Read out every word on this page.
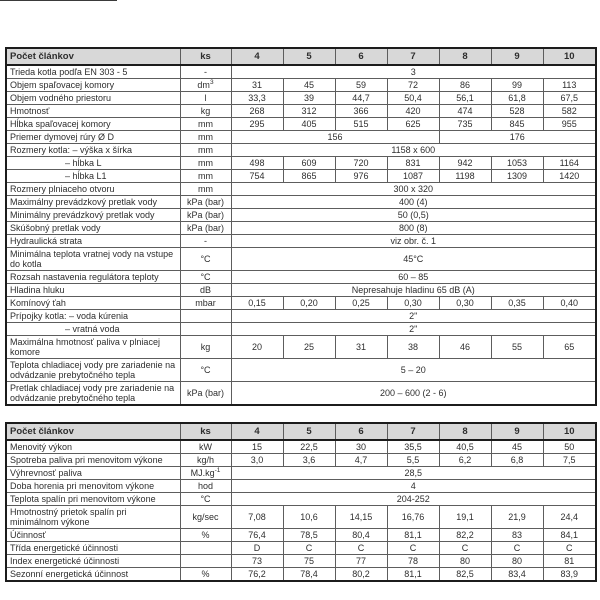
Počet článkov	ks	4	5	6	7	8	9	10
Trieda kotla podľa EN 303 - 5	-	3						
Objem spaľovacej komory	$dm^3$	31	45	59	72	86	99	113
Objem vodného priestoru	l	33,3	39	44,7	50,4	56,1	61,8	67,5
Hmotnosť	kg	268	312	366	420	474	528	582
Hĺbka spaľovacej komory	mm	295	405	515	625	735	845	955
Priemer dymovej rúry Ø D	mm	156				176		
Rozmery kotla: – výška x šírka	mm	1158 x 600						
– hĺbka L	mm	498	609	720	831	942	1053	1164
– hĺbka L1	mm	754	865	976	1087	1198	1309	1420
Rozmery plniaceho otvoru	mm	300 x 320						
Maximálny prevádzkový pretlak vody	kPa (bar)	400 (4)						
Minimálny prevádzkový pretlak vody	kPa (bar)	50 (0,5)						
Skúšobný pretlak vody	kPa (bar)	800 (8)						
Hydraulická strata	-	viz obr. č. 1						
Minimálna teplota vratnej vody na vstupe do kotla	°C	45°C						
Rozsah nastavenia regulátora teploty	°C	60 – 85						
Hladina hluku	dB	Nepresahuje hladinu 65 dB (A)						
Komínový ťah	mbar	0,15	0,20	0,25	0,30	0,30	0,35	0,40
Prípojky kotla: – voda kúrenia		2"						
– vratná voda		2"						
Maximálna hmotnosť paliva v plniacej komore	kg	20	25	31	38	46	55	65
Teplota chladiacej vody pre zariadenie na odvádzanie prebytočného tepla	°C	5 – 20						
Pretlak chladiacej vody pre zariadenie na odvádzanie prebytočného tepla	kPa (bar)	200 – 600 (2 - 6)						
Počet článkov	ks	4	5	6	7	8	9	10
Menovitý výkon	kW	15	22,5	30	35,5	40,5	45	50
Spotreba paliva pri menovitom výkone	kg/h	3,0	3,6	4,7	5,5	6,2	6,8	7,5
Výhrevnosť paliva	$MJ.kg^{-1}$	28,5						
Doba horenia pri menovitom výkone	hod	4						
Teplota spalín pri menovitom výkone	°C	204-252						
Hmotnostný prietok spalín pri minimálnom výkone	kg/sec	7,08	10,6	14,15	16,76	19,1	21,9	24,4
Účinnosť	%	76,4	78,5	80,4	81,1	82,2	83	84,1
Třída energetické účinnosti		D	C	C	C	C	C	C
Index energetické účinnosti		73	75	77	78	80	80	81
Sezonní energetická účinnost	%	76,2	78,4	80,2	81,1	82,5	83,4	83,9
